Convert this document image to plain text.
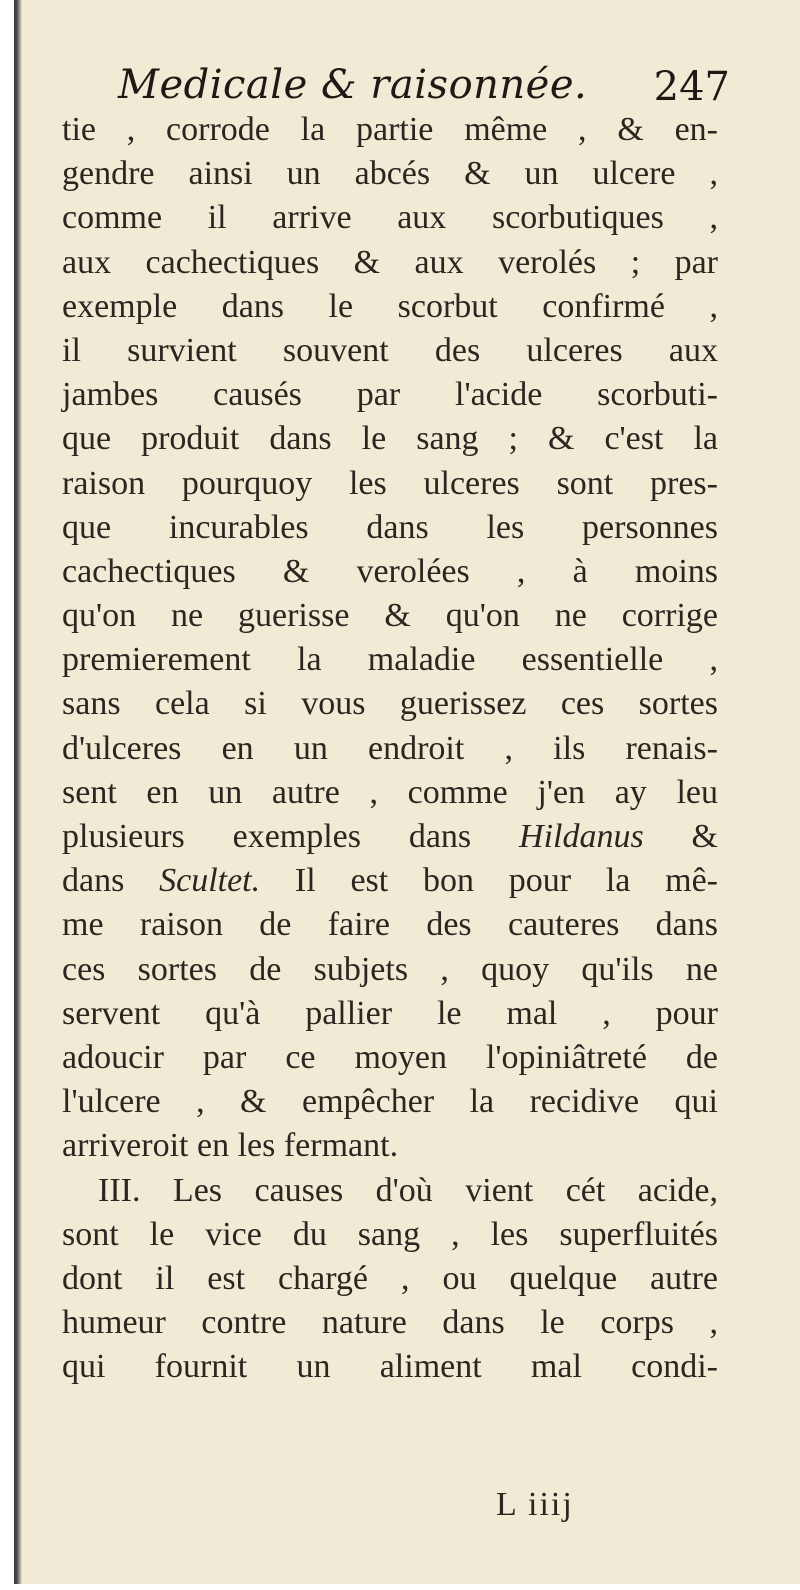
Medicale & raisonnée. 247
tie , corrode la partie même , & en-
gendre ainsi un abcés & un ulcere ,
comme il arrive aux scorbutiques ,
aux cachectiques & aux verolés ; par
exemple dans le scorbut confirmé ,
il survient souvent des ulceres aux
jambes causés par l'acide scorbuti-
que produit dans le sang ; & c'est la
raison pourquoy les ulceres sont pres-
que incurables dans les personnes
cachectiques & verolées , à moins
qu'on ne guerisse & qu'on ne corrige
premierement la maladie essentielle ,
sans cela si vous guerissez ces sortes
d'ulceres en un endroit , ils renais-
sent en un autre , comme j'en ay leu
plusieurs exemples dans Hildanus &
dans Scultet. Il est bon pour la mê-
me raison de faire des cauteres dans
ces sortes de subjets , quoy qu'ils ne
servent qu'à pallier le mal , pour
adoucir par ce moyen l'opiniâtreté de
l'ulcere , & empêcher la recidive qui
arriveroit en les fermant.
III. Les causes d'où vient cét acide,
sont le vice du sang , les superfluités
dont il est chargé , ou quelque autre
humeur contre nature dans le corps ,
qui fournit un aliment mal condi-
L iiij
